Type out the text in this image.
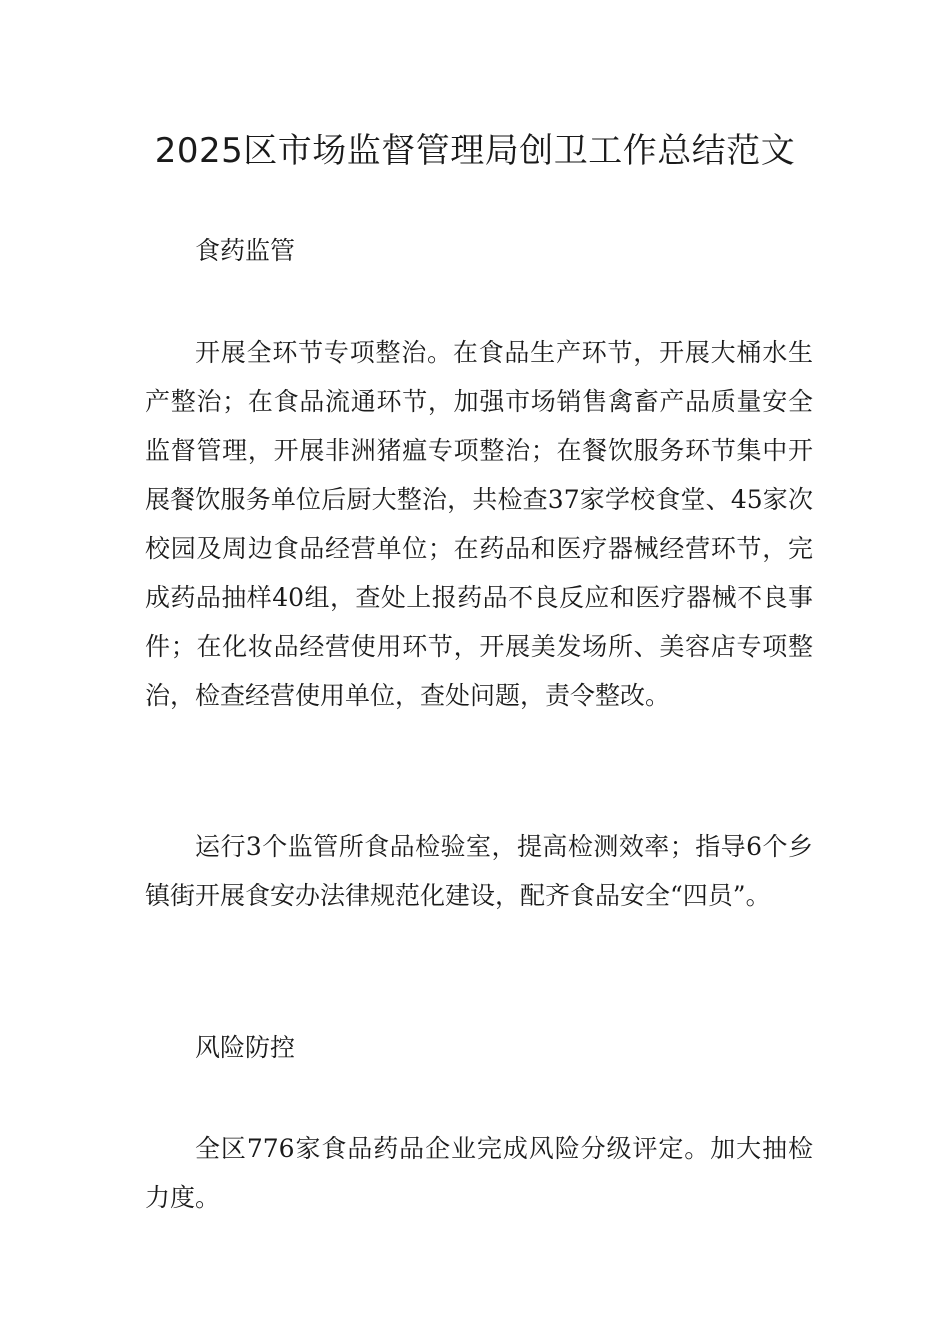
2025区市场监督管理局创卫工作总结范文

食药监管

开展全环节专项整治。在食品生产环节，开展大桶水生产整治；在食品流通环节，加强市场销售禽畜产品质量安全监督管理，开展非洲猪瘟专项整治；在餐饮服务环节集中开展餐饮服务单位后厨大整治，共检查37家学校食堂、45家次校园及周边食品经营单位；在药品和医疗器械经营环节，完成药品抽样40组，查处上报药品不良反应和医疗器械不良事件；在化妆品经营使用环节，开展美发场所、美容店专项整治，检查经营使用单位，查处问题，责令整改。

运行3个监管所食品检验室，提高检测效率；指导6个乡镇街开展食安办法律规范化建设，配齐食品安全“四员”。

风险防控

全区776家食品药品企业完成风险分级评定。加大抽检力度。
